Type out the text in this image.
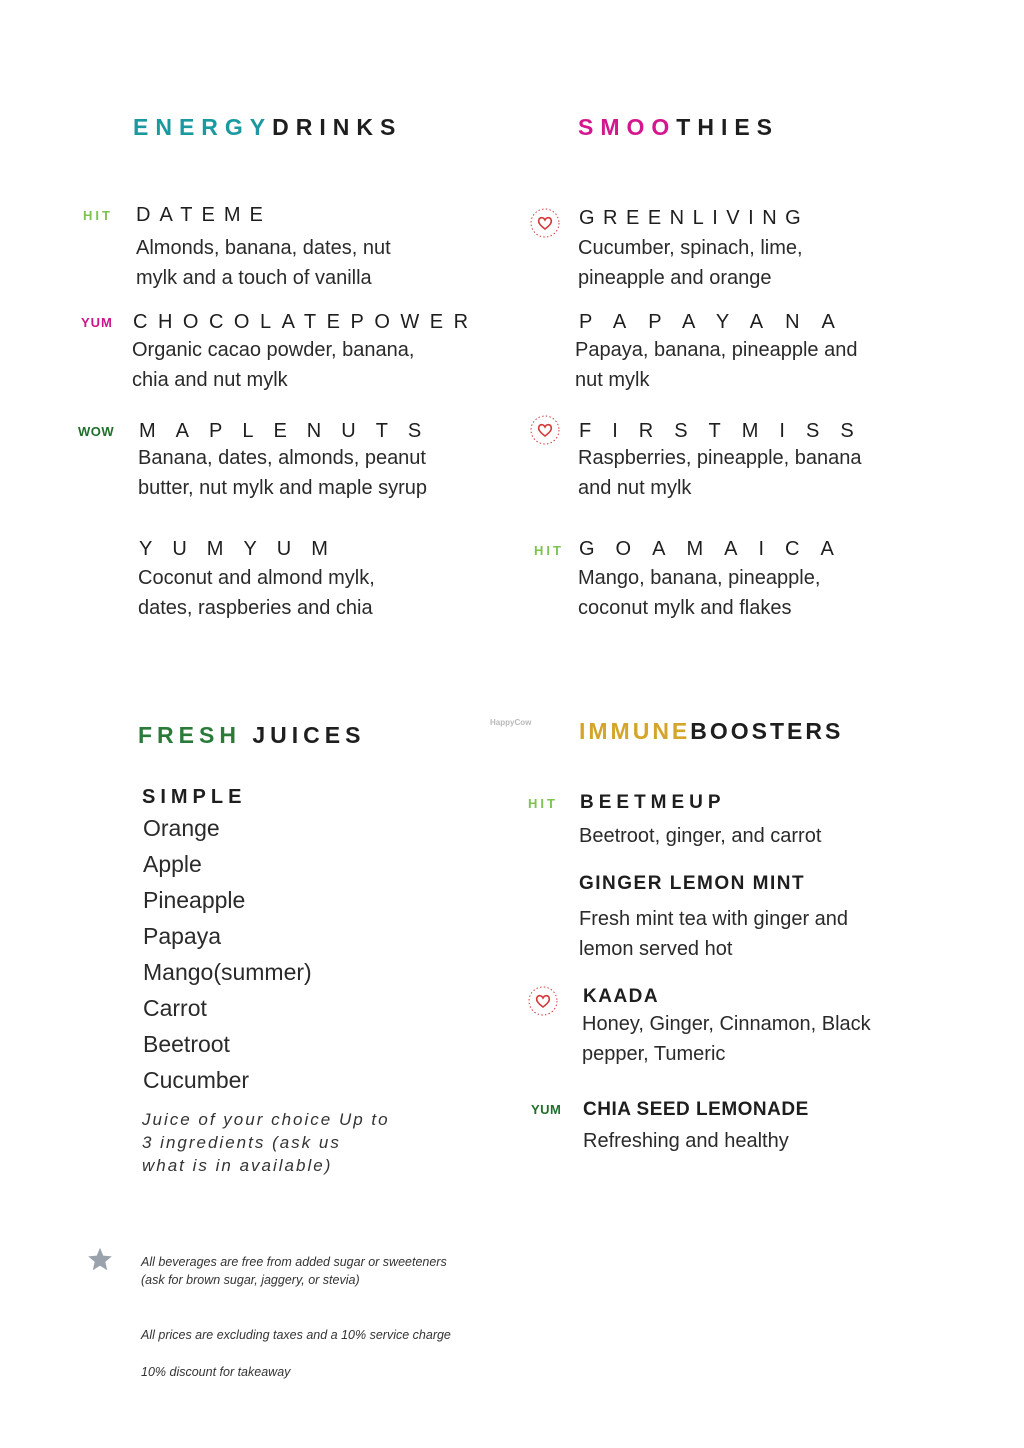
ENERGYDRINKS
HIT DATEME
Almonds, banana, dates, nut
mylk and a touch of vanilla
YUM CHOCOLATEPOWER
Organic cacao powder, banana,
chia and nut mylk
WOW MAPLENUTS
Banana, dates, almonds, peanut
butter, nut mylk and maple syrup
YUMYUM
Coconut and almond mylk,
dates, raspberies and chia
SMOOTHIES
GREENLIVING
Cucumber, spinach, lime,
pineapple and orange
PAPAYANA
Papaya, banana, pineapple and
nut mylk
FIRSTMISS
Raspberries, pineapple, banana
and nut mylk
HIT GOAMAICA
Mango, banana, pineapple,
coconut mylk and flakes
FRESH JUICES
SIMPLE
Orange
Apple
Pineapple
Papaya
Mango(summer)
Carrot
Beetroot
Cucumber
Juice of your choice Up to
3 ingredients (ask us
what is in available)
HappyCow IMMUNEBOOSTERS
HIT BEETMEUP
Beetroot, ginger, and carrot
GINGER LEMON MINT
Fresh mint tea with ginger and
lemon served hot
KAADA
Honey, Ginger, Cinnamon, Black
pepper, Tumeric
YUM CHIA SEED LEMONADE
Refreshing and healthy
All beverages are free from added sugar or sweeteners
(ask for brown sugar, jaggery, or stevia)
All prices are excluding taxes and a 10% service charge
10% discount for takeaway
